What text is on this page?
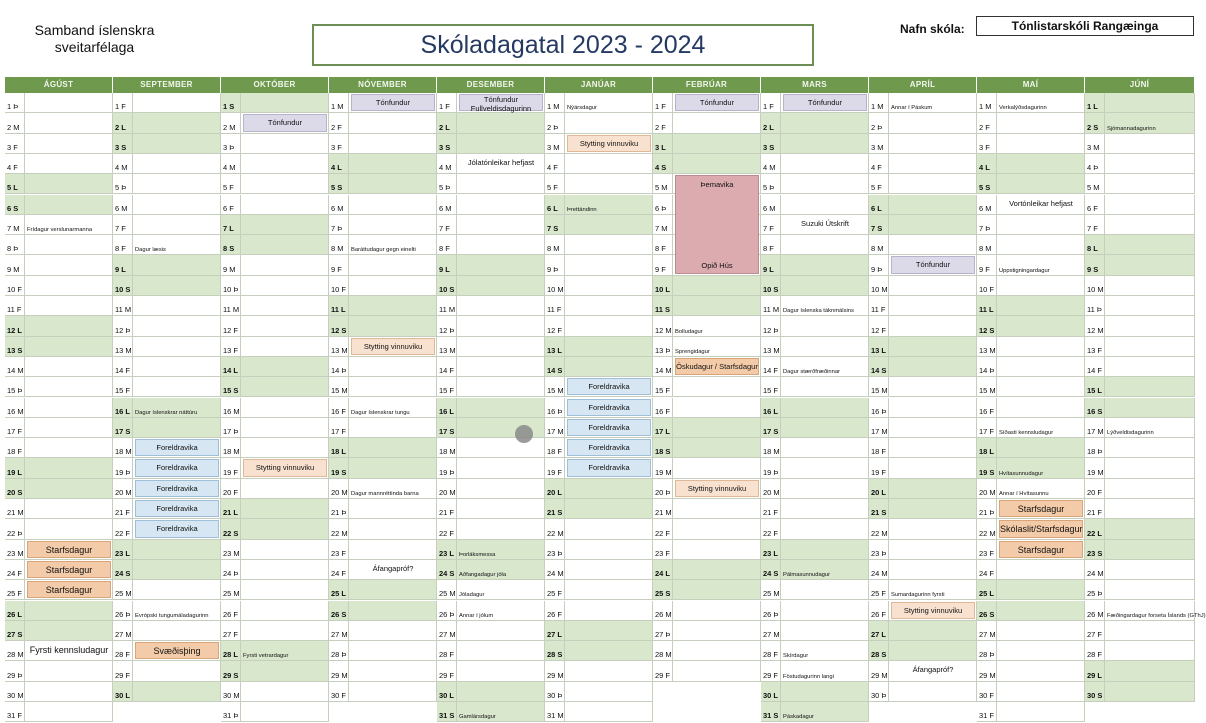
Samband íslenskra sveitarfélaga	Skóladagatal 2023 - 2024
Nafn skóla:	Tónlistarskóli Rangæinga
ÁGÚST
1 Þ
2 M
3 F
4 F
5 L
6 S
7 M Frídagur verslunarmanna
8 Þ
9 M
10 F
11 F
12 L
13 S
14 M
15 Þ
16 M
17 F
18 F
19 L
20 S
21 M
22 Þ
23 M
24 F
25 F
26 L
27 S
28 M
29 Þ
30 M
31 F
SEPTEMBER
1 F
2 L
3 S
4 M
5 Þ
6 M
7 F
8 F Dagur læsis
9 L
10 S
11 M
12 Þ
13 M
14 F
15 F
16 L Dagur íslenskrar náttúru
17 S
18 M
19 Þ
20 M
21 F
22 F
23 L
24 S
25 M
26 Þ Evrópski tungumáladagurinn
27 M
28 F
29 F
30 L
OKTÓBER
1 S
2 M
3 Þ
4 M
5 F
6 F
7 L
8 S
9 M
10 Þ
11 M
12 F
13 F
14 L
15 S
16 M
17 Þ
18 M
19 F
20 F
21 L
22 S
23 M
24 Þ
25 M
26 F
27 F
28 L Fyrsti vetrardagur
29 S
30 M
31 Þ
NÓVEMBER
1 M
2 F
3 F
4 L
5 S
6 M
7 Þ
8 M Baráttudagur gegn einelti
9 F
10 F
11 L
12 S
13 M
14 Þ
15 M
16 F Dagur íslenskrar tungu
17 F
18 L
19 S
20 M Dagur mannréttinda barna
21 Þ
22 M
23 F
24 F
25 L
26 S
27 M
28 Þ
29 M
30 F
DESEMBER
1 F
2 L
3 S
4 M
5 Þ
6 M
7 F
8 F
9 L
10 S
11 M
12 Þ
13 M
14 F
15 F
16 L
17 S
18 M
19 Þ
20 M
21 F
22 F
23 L Þorláksmessa
24 S Aðfangadagur jóla
25 M Jóladagur
26 Þ Annar í jólum
27 M
28 F
29 F
30 L
31 S Gamlársdagur
JANÚAR
1 M Nýársdagur
2 Þ
3 M
4 F
5 F
6 L Þrettándinn
7 S
8 M
9 Þ
10 M
11 F
12 F
13 L
14 S
15 M
16 Þ
17 M
18 F
19 F
20 L
21 S
22 M
23 Þ
24 M
25 F
26 F
27 L
28 S
29 M
30 Þ
31 M
FEBRÚAR
1 F
2 F
3 L
4 S
5 M
6 Þ
7 M
8 F
9 F
10 L
11 S
12 M Bolludagur
13 Þ Sprengidagur
14 M
15 F
16 F
17 L
18 S
19 M
20 Þ
21 M
22 F
23 F
24 L
25 S
26 M
27 Þ
28 M
29 F
MARS
1 F
2 L
3 S
4 M
5 Þ
6 M
7 F
8 F
9 L
10 S
11 M Dagur íslenska táknmálsins
12 Þ
13 M
14 F Dagur stærðfræðinnar
15 F
16 L
17 S
18 M
19 Þ
20 M
21 F
22 F
23 L
24 S Pálmasunnudagur
25 M
26 Þ
27 M
28 F Skírdagur
29 F Föstudagurinn langi
30 L
31 S Páskadagur
APRÍL
1 M Annar í Páskum
2 Þ
3 M
4 F
5 F
6 L
7 S
8 M
9 Þ
10 M
11 F
12 F
13 L
14 S
15 M
16 Þ
17 M
18 F
19 F
20 L
21 S
22 M
23 Þ
24 M
25 F Sumardagurinn fyrsti
26 F
27 L
28 S
29 M
30 Þ
MAÍ
1 M Verkalýðsdagurinn
2 F
3 F
4 L
5 S
6 M
7 Þ
8 M
9 F Uppstigningardagur
10 F
11 L
12 S
13 M
14 Þ
15 M
16 F
17 F Síðasti kennsludagur
18 L
19 S Hvítasunnudagur
20 M Annar í Hvítasunnu
21 Þ
22 M
23 F
24 F
25 L
26 S
27 M
28 Þ
29 M
30 F
31 F
JÚNÍ
1 L
2 S Sjómannadagurinn
3 M
4 Þ
5 M
6 F
7 F
8 L
9 S
10 M
11 Þ
12 M
13 F
14 F
15 L
16 S
17 M Lýðveldisdagurinn
18 Þ
19 M
20 F
21 F
22 L
23 S
24 M
25 Þ
26 M Fæðingardagur forseta Íslands (GThJ)
27 F
28 F
29 L
30 S
Starfsdagur
Starfsdagur
Starfsdagur
Fyrsti kennsludagur
Foreldravika
Foreldravika
Foreldravika
Foreldravika
Foreldravika
Svæðisþing
Tónfundur
Stytting vinnuviku
Tónfundur
Stytting vinnuviku
Áfangapróf?
Tónfundur Fullveldisdagurinn
Jólatónleikar hefjast
Stytting vinnuviku
Foreldravika
Foreldravika
Foreldravika
Foreldravika
Foreldravika
Tónfundur
Þemavika
Opið Hús
Öskudagur / Starfsdagur
Stytting vinnuviku
Tónfundur
Suzuki Útskrift
Tónfundur
Stytting vinnuviku
Áfangapróf?
Vortónleikar hefjast
Starfsdagur
Skólaslit/Starfsdagur
Starfsdagur
